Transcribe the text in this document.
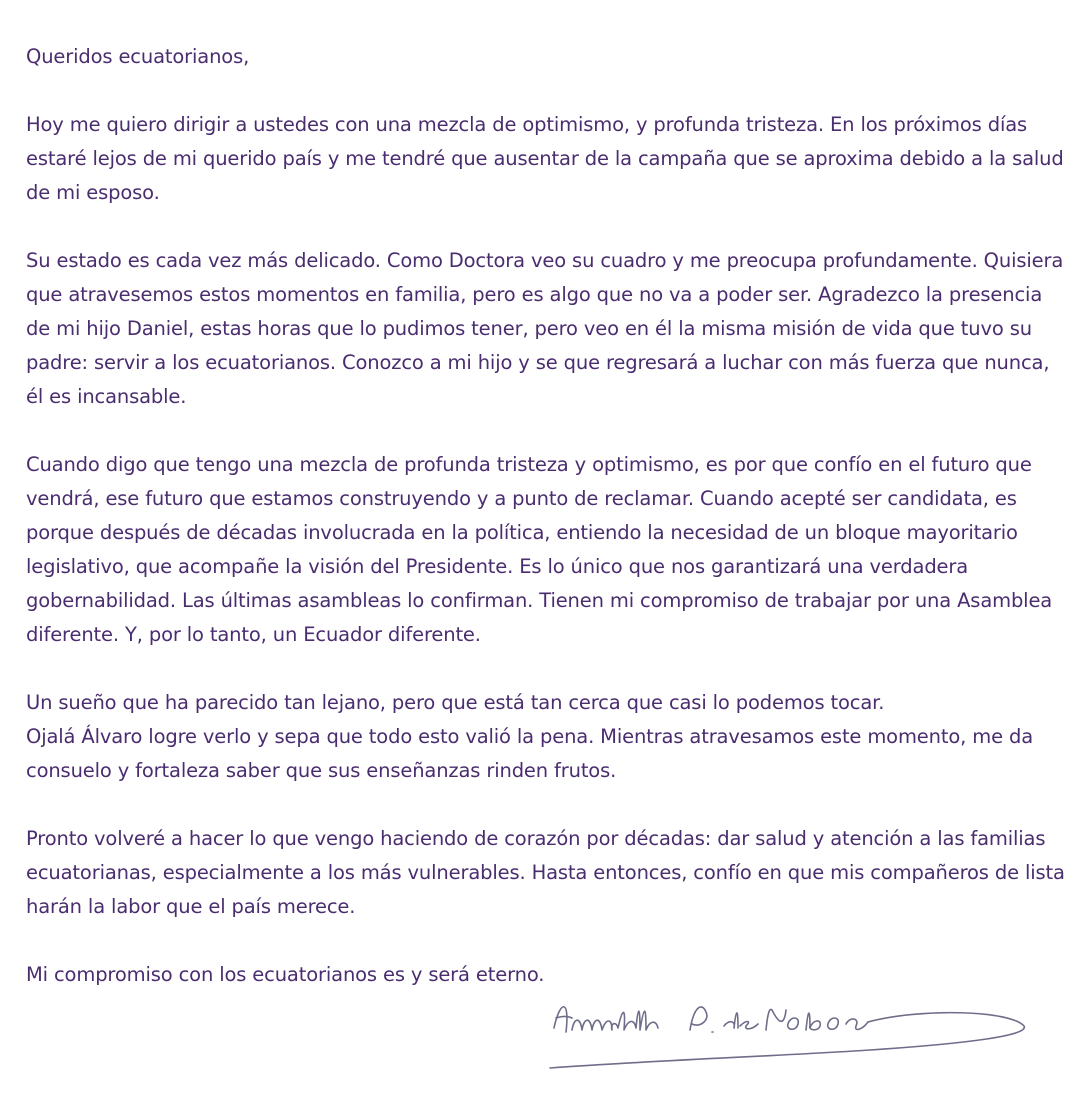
Queridos ecuatorianos,

Hoy me quiero dirigir a ustedes con una mezcla de optimismo, y profunda tristeza. En los próximos días estaré lejos de mi querido país y me tendré que ausentar de la campaña que se aproxima debido a la salud de mi esposo.

Su estado es cada vez más delicado. Como Doctora veo su cuadro y me preocupa profundamente. Quisiera que atravesemos estos momentos en familia, pero es algo que no va a poder ser. Agradezco la presencia de mi hijo Daniel, estas horas que lo pudimos tener, pero veo en él la misma misión de vida que tuvo su padre: servir a los ecuatorianos. Conozco a mi hijo y se que regresará a luchar con más fuerza que nunca, él es incansable.

Cuando digo que tengo una mezcla de profunda tristeza y optimismo, es por que confío en el futuro que vendrá, ese futuro que estamos construyendo y a punto de reclamar. Cuando acepté ser candidata, es porque después de décadas involucrada en la política, entiendo la necesidad de un bloque mayoritario legislativo, que acompañe la visión del Presidente. Es lo único que nos garantizará una verdadera gobernabilidad. Las últimas asambleas lo confirman. Tienen mi compromiso de trabajar por una Asamblea diferente. Y, por lo tanto, un Ecuador diferente.

Un sueño que ha parecido tan lejano, pero que está tan cerca que casi lo podemos tocar.

Ojalá Álvaro logre verlo y sepa que todo esto valió la pena. Mientras atravesamos este momento, me da consuelo y fortaleza saber que sus enseñanzas rinden frutos.

Pronto volveré a hacer lo que vengo haciendo de corazón por décadas: dar salud y atención a las familias ecuatorianas, especialmente a los más vulnerables. Hasta entonces, confío en que mis compañeros de lista harán la labor que el país merece.

Mi compromiso con los ecuatorianos es y será eterno.
